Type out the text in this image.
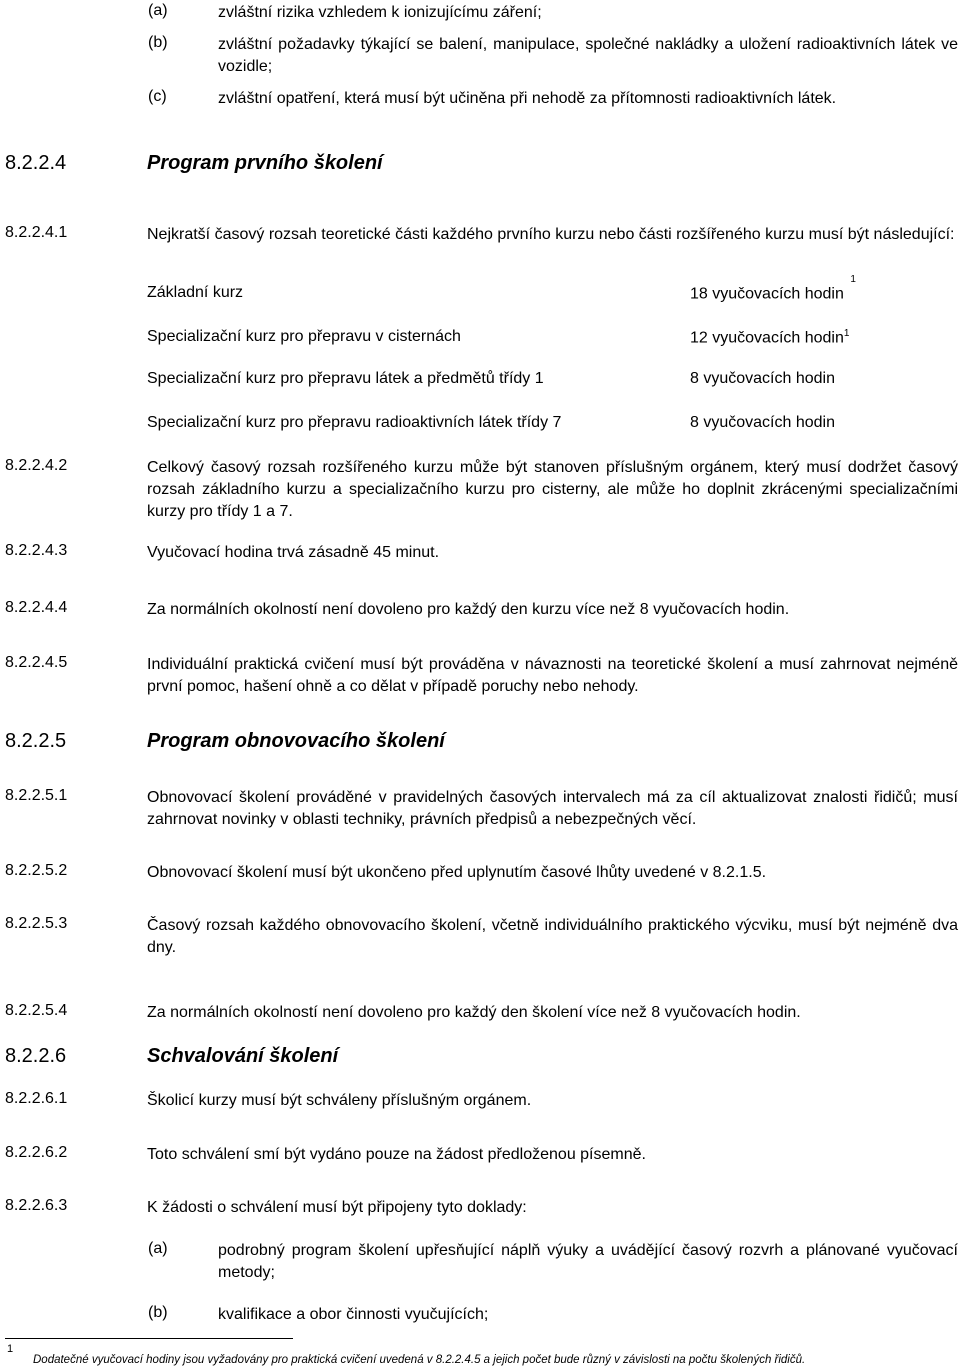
(a)	zvláštní rizika vzhledem k ionizujícímu záření;
(b)	zvláštní požadavky týkající se balení, manipulace, společné nakládky a uložení radioaktivních látek ve vozidle;
(c)	zvláštní opatření, která musí být učiněna při nehodě za přítomnosti radioaktivních látek.
8.2.2.4	Program prvního školení
8.2.2.4.1	Nejkratší časový rozsah teoretické části každého prvního kurzu nebo části rozšířeného kurzu musí být následující:
Základní kurz	18 vyučovacích hodin $^1$
Specializační kurz pro přepravu v cisternách	12 vyučovacích hodin$^1$
Specializační kurz pro přepravu látek a předmětů třídy 1	8 vyučovacích hodin
Specializační kurz pro přepravu radioaktivních látek třídy 7	8 vyučovacích hodin
8.2.2.4.2	Celkový časový rozsah rozšířeného kurzu může být stanoven příslušným orgánem, který musí dodržet časový rozsah základního kurzu a specializačního kurzu pro cisterny, ale může ho doplnit zkrácenými specializačními kurzy pro třídy 1 a 7.
8.2.2.4.3	Vyučovací hodina trvá zásadně 45 minut.
8.2.2.4.4	Za normálních okolností není dovoleno pro každý den kurzu více než 8 vyučovacích hodin.
8.2.2.4.5	Individuální praktická cvičení musí být prováděna v návaznosti na teoretické školení a musí zahrnovat nejméně první pomoc, hašení ohně a co dělat v případě poruchy nebo nehody.
8.2.2.5	Program obnovovacího školení
8.2.2.5.1	Obnovovací školení prováděné v pravidelných časových intervalech má za cíl aktualizovat znalosti řidičů; musí zahrnovat novinky v oblasti techniky, právních předpisů a nebezpečných věcí.
8.2.2.5.2	Obnovovací školení musí být ukončeno před uplynutím časové lhůty uvedené v 8.2.1.5.
8.2.2.5.3	Časový rozsah každého obnovovacího školení, včetně individuálního praktického výcviku, musí být nejméně dva dny.
8.2.2.5.4	Za normálních okolností není dovoleno pro každý den školení více než 8 vyučovacích hodin.
8.2.2.6	Schvalování školení
8.2.2.6.1	Školicí kurzy musí být schváleny příslušným orgánem.
8.2.2.6.2	Toto schválení smí být vydáno pouze na žádost předloženou písemně.
8.2.2.6.3	K žádosti o schválení musí být připojeny tyto doklady:
(a)	podrobný program školení upřesňující náplň výuky a uvádějící časový rozvrh a plánované vyučovací metody;
(b)	kvalifikace a obor činnosti vyučujících;
1
Dodatečné vyučovací hodiny jsou vyžadovány pro praktická cvičení uvedená v 8.2.2.4.5 a jejich počet bude různý v závislosti na počtu školených řidičů.
